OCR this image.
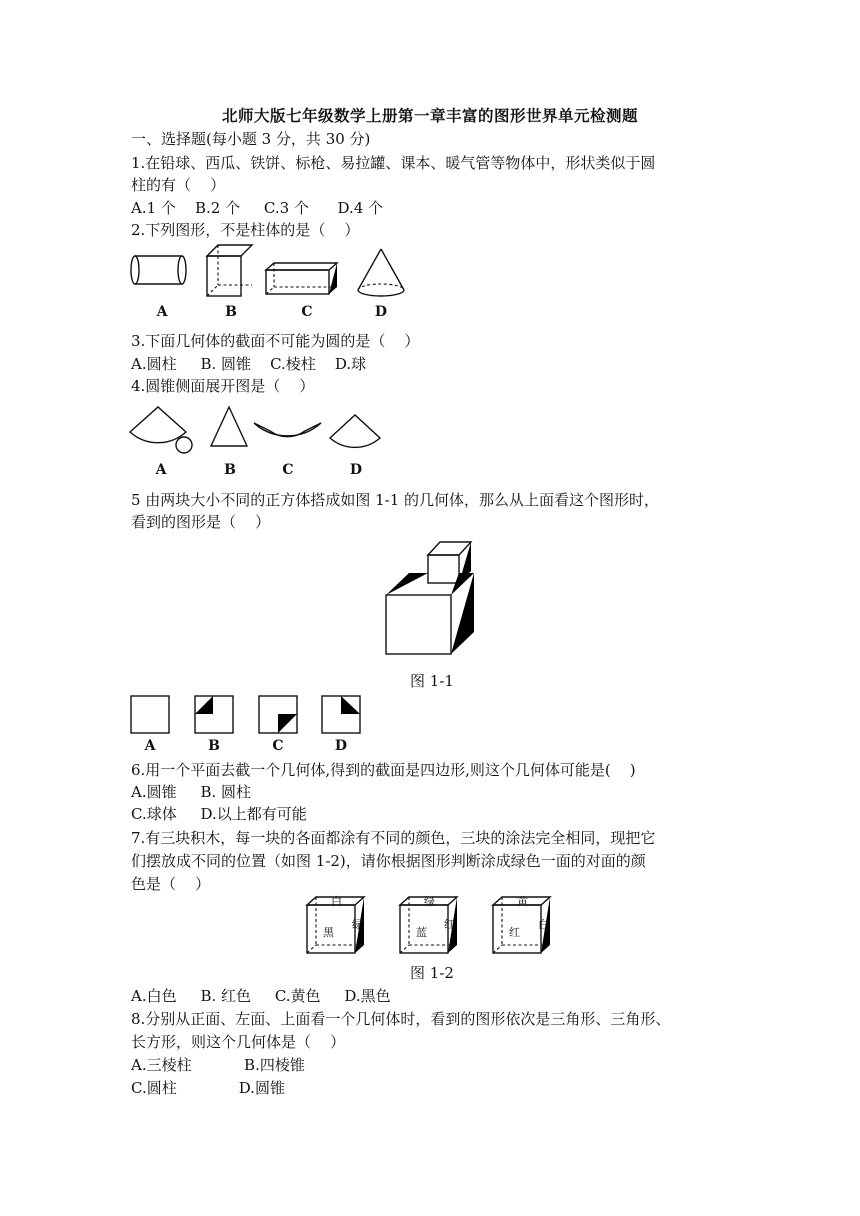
北师大版七年级数学上册第一章丰富的图形世界单元检测题
一、选择题(每小题 3 分，共 30 分)
1.在铅球、西瓜、铁饼、标枪、易拉罐、课本、暖气管等物体中，形状类似于圆
柱的有（    ）
A.1 个    B.2 个     C.3 个      D.4 个
2.下列图形，不是柱体的是（    ）
A	B	C	D
3.下面几何体的截面不可能为圆的是（    ）
A.圆柱     B. 圆锥    C.棱柱    D.球
4.圆锥侧面展开图是（    ）
A	B	C	D
5 由两块大小不同的正方体搭成如图 1-1 的几何体，那么从上面看这个图形时，
看到的图形是（    ）
图 1-1
A	B	C	D
6.用一个平面去截一个几何体,得到的截面是四边形,则这个几何体可能是(    )
A.圆锥     B. 圆柱
C.球体     D.以上都有可能
7.有三块积木，每一块的各面都涂有不同的颜色，三块的涂法完全相同，现把它
们摆放成不同的位置（如图 1-2)，请你根据图形判断涂成绿色一面的对面的颜
色是（    ）
白
黑
绿
绿
蓝
红
黄
红
白
图 1-2
A.白色     B. 红色     C.黄色     D.黑色
8.分别从正面、左面、上面看一个几何体时，看到的图形依次是三角形、三角形、
长方形，则这个几何体是（    ）
A.三棱柱           B.四棱锥
C.圆柱             D.圆锥
